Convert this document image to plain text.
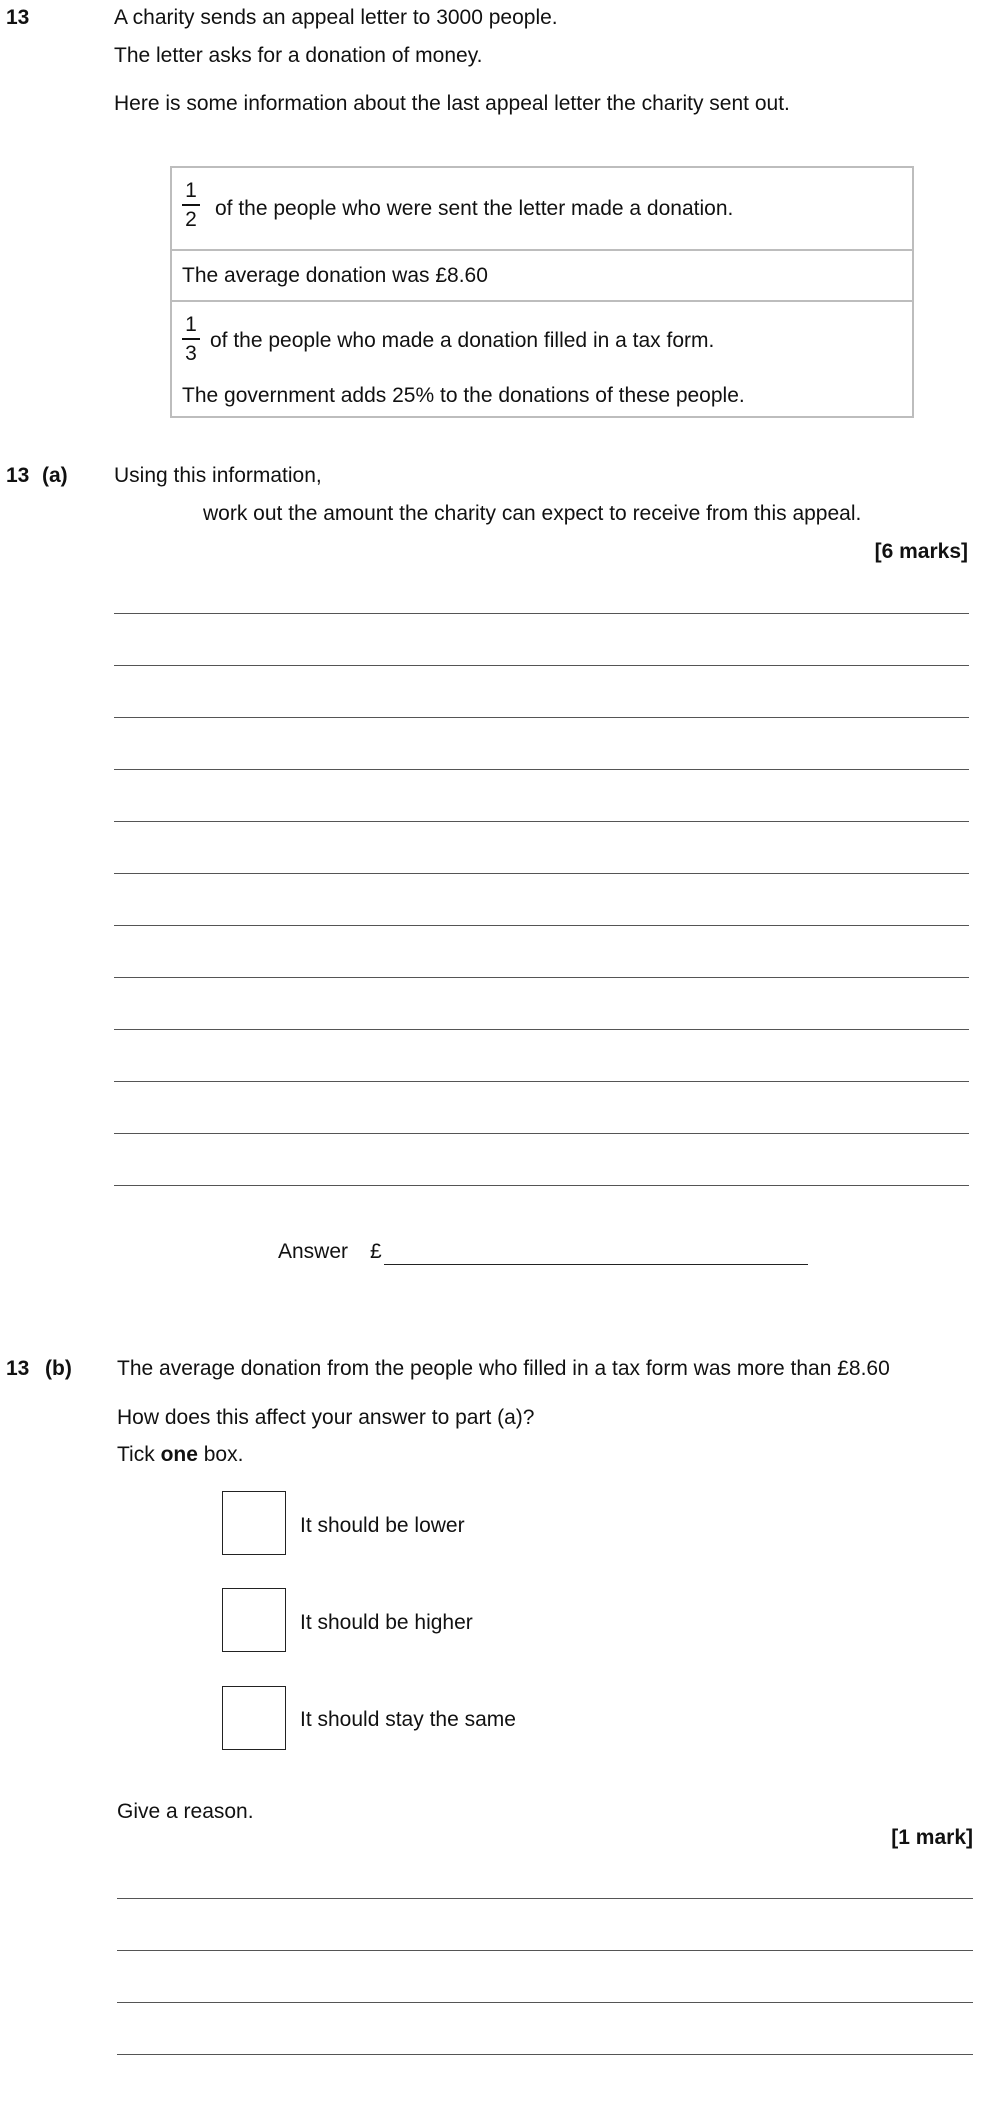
13	A charity sends an appeal letter to 3000 people.
The letter asks for a donation of money.
Here is some information about the last appeal letter the charity sent out.
1
2 of the people who were sent the letter made a donation.
The average donation was £8.60
1
3
of the people who made a donation filled in a tax form.
The government adds 25% to the donations of these people.
13 (a) Using this information,
work out the amount the charity can expect to receive from this appeal.
[6 marks]
Answer £
13 (b) The average donation from the people who filled in a tax form was more than £8.60
How does this affect your answer to part (a)?
Tick one box.
It should be lower
It should be higher
It should stay the same
Give a reason.
[1 mark]
